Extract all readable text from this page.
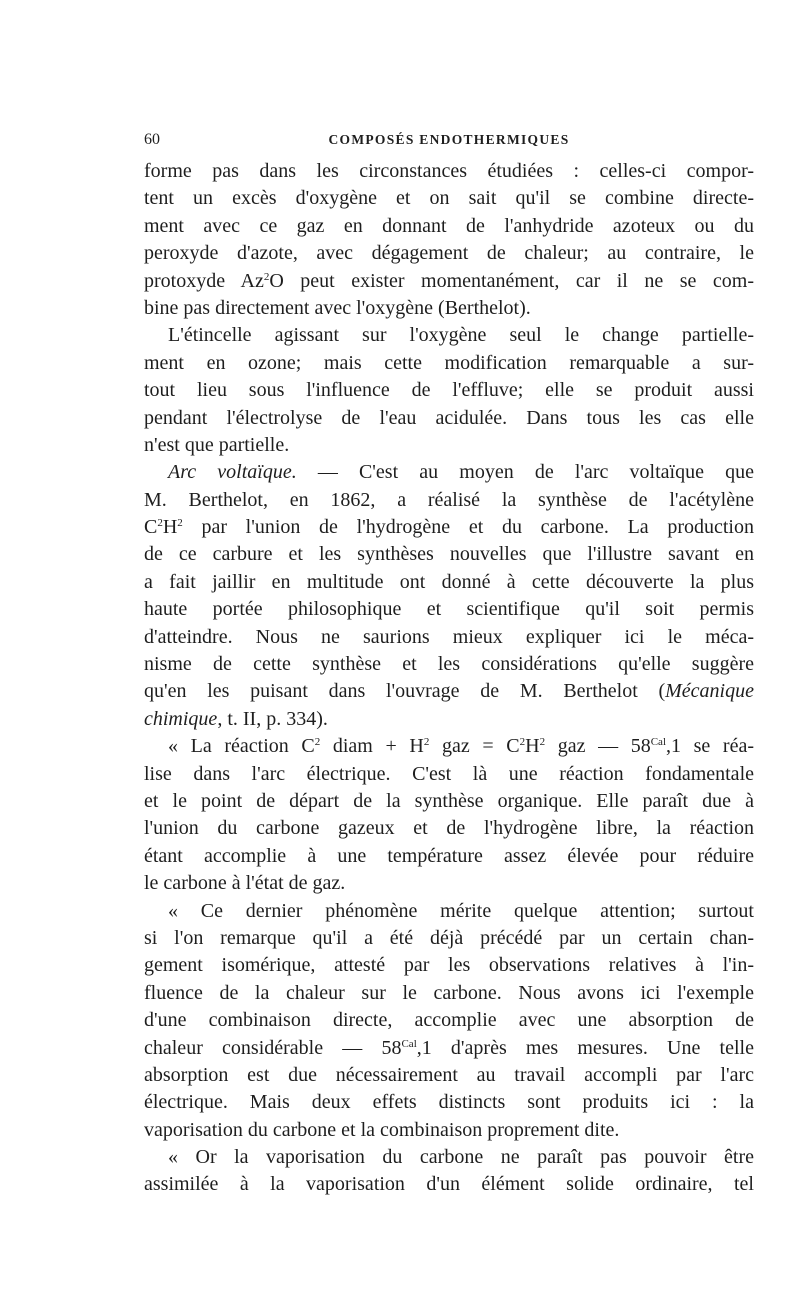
60	COMPOSÉS ENDOTHERMIQUES
forme pas dans les circonstances étudiées : celles-ci compor-
tent un excès d'oxygène et on sait qu'il se combine directe-
ment avec ce gaz en donnant de l'anhydride azoteux ou du
peroxyde d'azote, avec dégagement de chaleur; au contraire, le
protoxyde Az$^2$O peut exister momentanément, car il ne se com-
bine pas directement avec l'oxygène (Berthelot).
L'étincelle agissant sur l'oxygène seul le change partielle-
ment en ozone; mais cette modification remarquable a sur-
tout lieu sous l'influence de l'effluve; elle se produit aussi
pendant l'électrolyse de l'eau acidulée. Dans tous les cas elle
n'est que partielle.
Arc voltaïque. — C'est au moyen de l'arc voltaïque que
M. Berthelot, en 1862, a réalisé la synthèse de l'acétylène
$C^2H^2$ par l'union de l'hydrogène et du carbone. La production
de ce carbure et les synthèses nouvelles que l'illustre savant en
a fait jaillir en multitude ont donné à cette découverte la plus
haute portée philosophique et scientifique qu'il soit permis
d'atteindre. Nous ne saurions mieux expliquer ici le méca-
nisme de cette synthèse et les considérations qu'elle suggère
qu'en les puisant dans l'ouvrage de M. Berthelot (Mécanique
chimique, t. II, p. 334).
« La réaction $C^2$ diam + $H^2$ gaz = $C^2H^2$ gaz — $58^{Cal},1$ se réa-
lise dans l'arc électrique. C'est là une réaction fondamentale
et le point de départ de la synthèse organique. Elle paraît due à
l'union du carbone gazeux et de l'hydrogène libre, la réaction
étant accomplie à une température assez élevée pour réduire
le carbone à l'état de gaz.
« Ce dernier phénomène mérite quelque attention; surtout
si l'on remarque qu'il a été déjà précédé par un certain chan-
gement isomérique, attesté par les observations relatives à l'in-
fluence de la chaleur sur le carbone. Nous avons ici l'exemple
d'une combinaison directe, accomplie avec une absorption de
chaleur considérable — $58^{Cal},1$ d'après mes mesures. Une telle
absorption est due nécessairement au travail accompli par l'arc
électrique. Mais deux effets distincts sont produits ici : la
vaporisation du carbone et la combinaison proprement dite.
« Or la vaporisation du carbone ne paraît pas pouvoir être
assimilée à la vaporisation d'un élément solide ordinaire, tel
